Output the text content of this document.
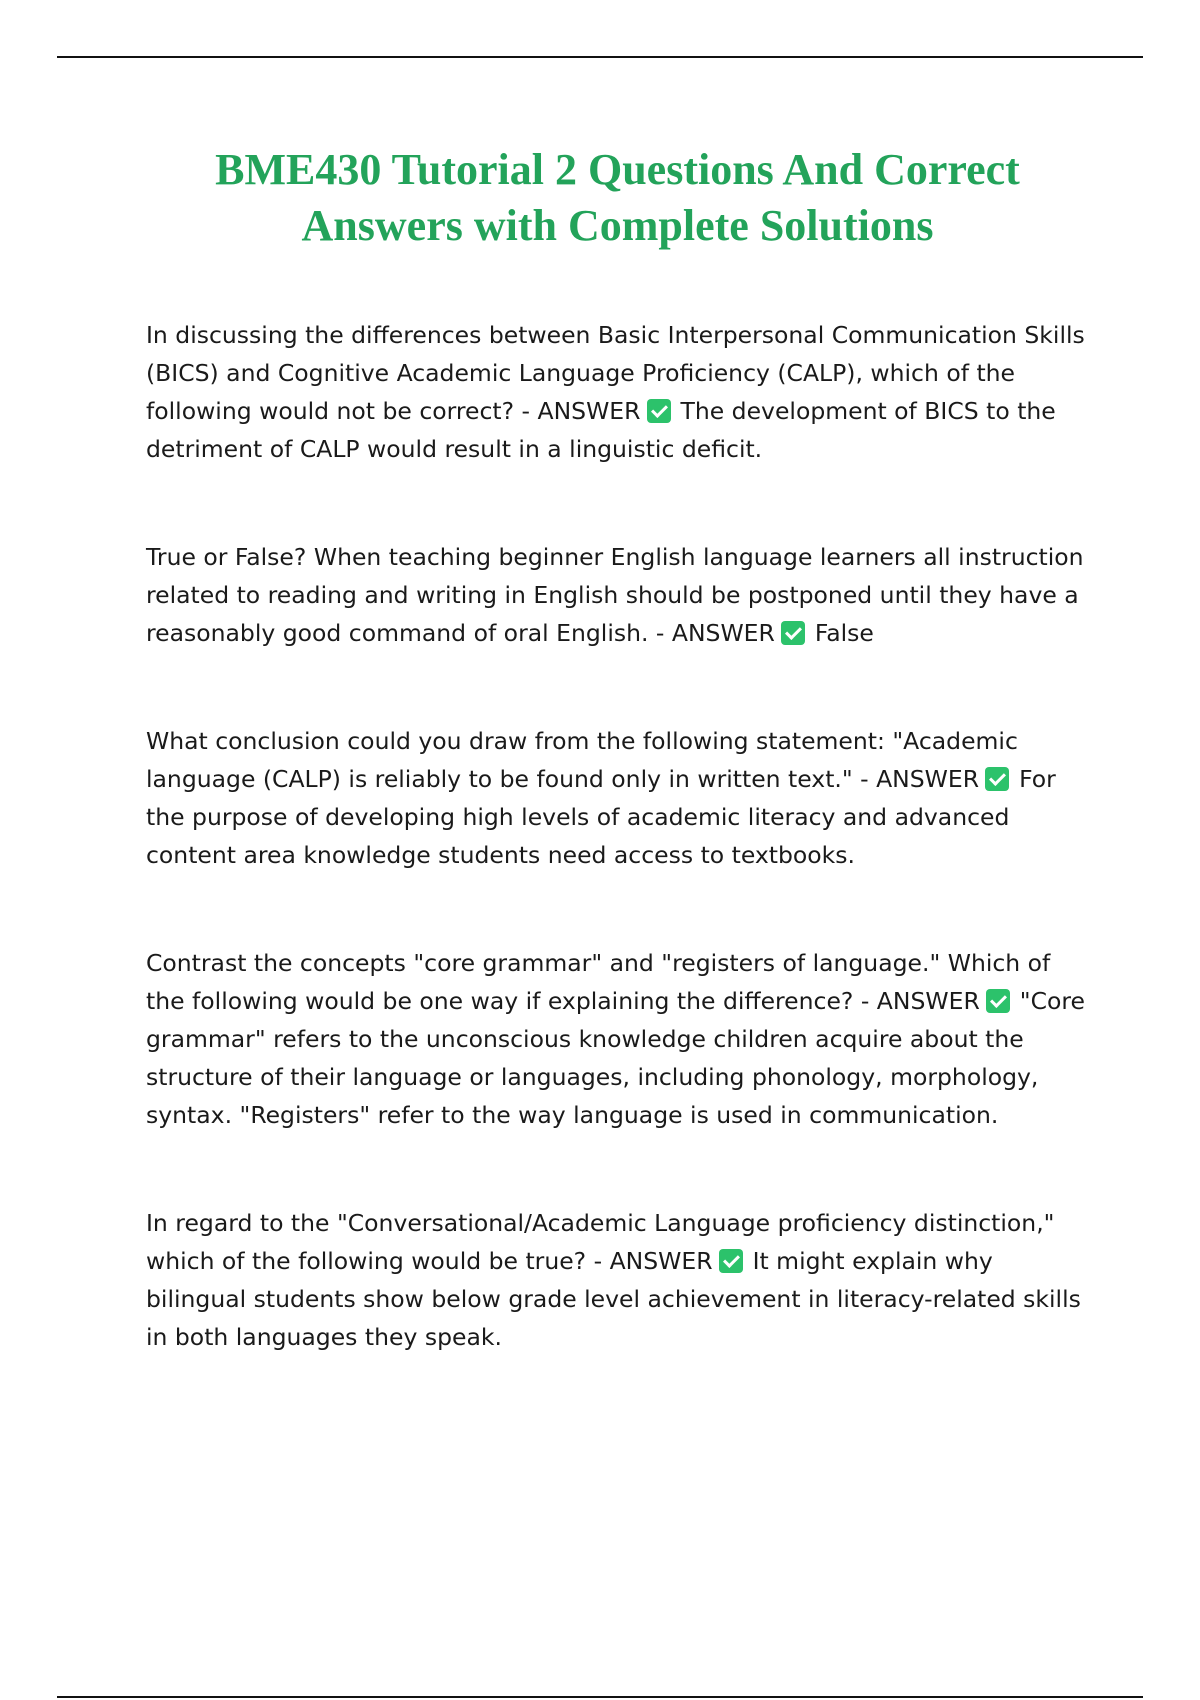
BME430 Tutorial 2 Questions And Correct Answers with Complete Solutions

In discussing the differences between Basic Interpersonal Communication Skills (BICS) and Cognitive Academic Language Proficiency (CALP), which of the following would not be correct? - ANSWER The development of BICS to the detriment of CALP would result in a linguistic deficit.

True or False? When teaching beginner English language learners all instruction related to reading and writing in English should be postponed until they have a reasonably good command of oral English. - ANSWER False

What conclusion could you draw from the following statement: "Academic language (CALP) is reliably to be found only in written text." - ANSWER For the purpose of developing high levels of academic literacy and advanced content area knowledge students need access to textbooks.

Contrast the concepts "core grammar" and "registers of language." Which of the following would be one way if explaining the difference? - ANSWER "Core grammar" refers to the unconscious knowledge children acquire about the structure of their language or languages, including phonology, morphology, syntax. "Registers" refer to the way language is used in communication.

In regard to the "Conversational/Academic Language proficiency distinction," which of the following would be true? - ANSWER It might explain why bilingual students show below grade level achievement in literacy-related skills in both languages they speak.
